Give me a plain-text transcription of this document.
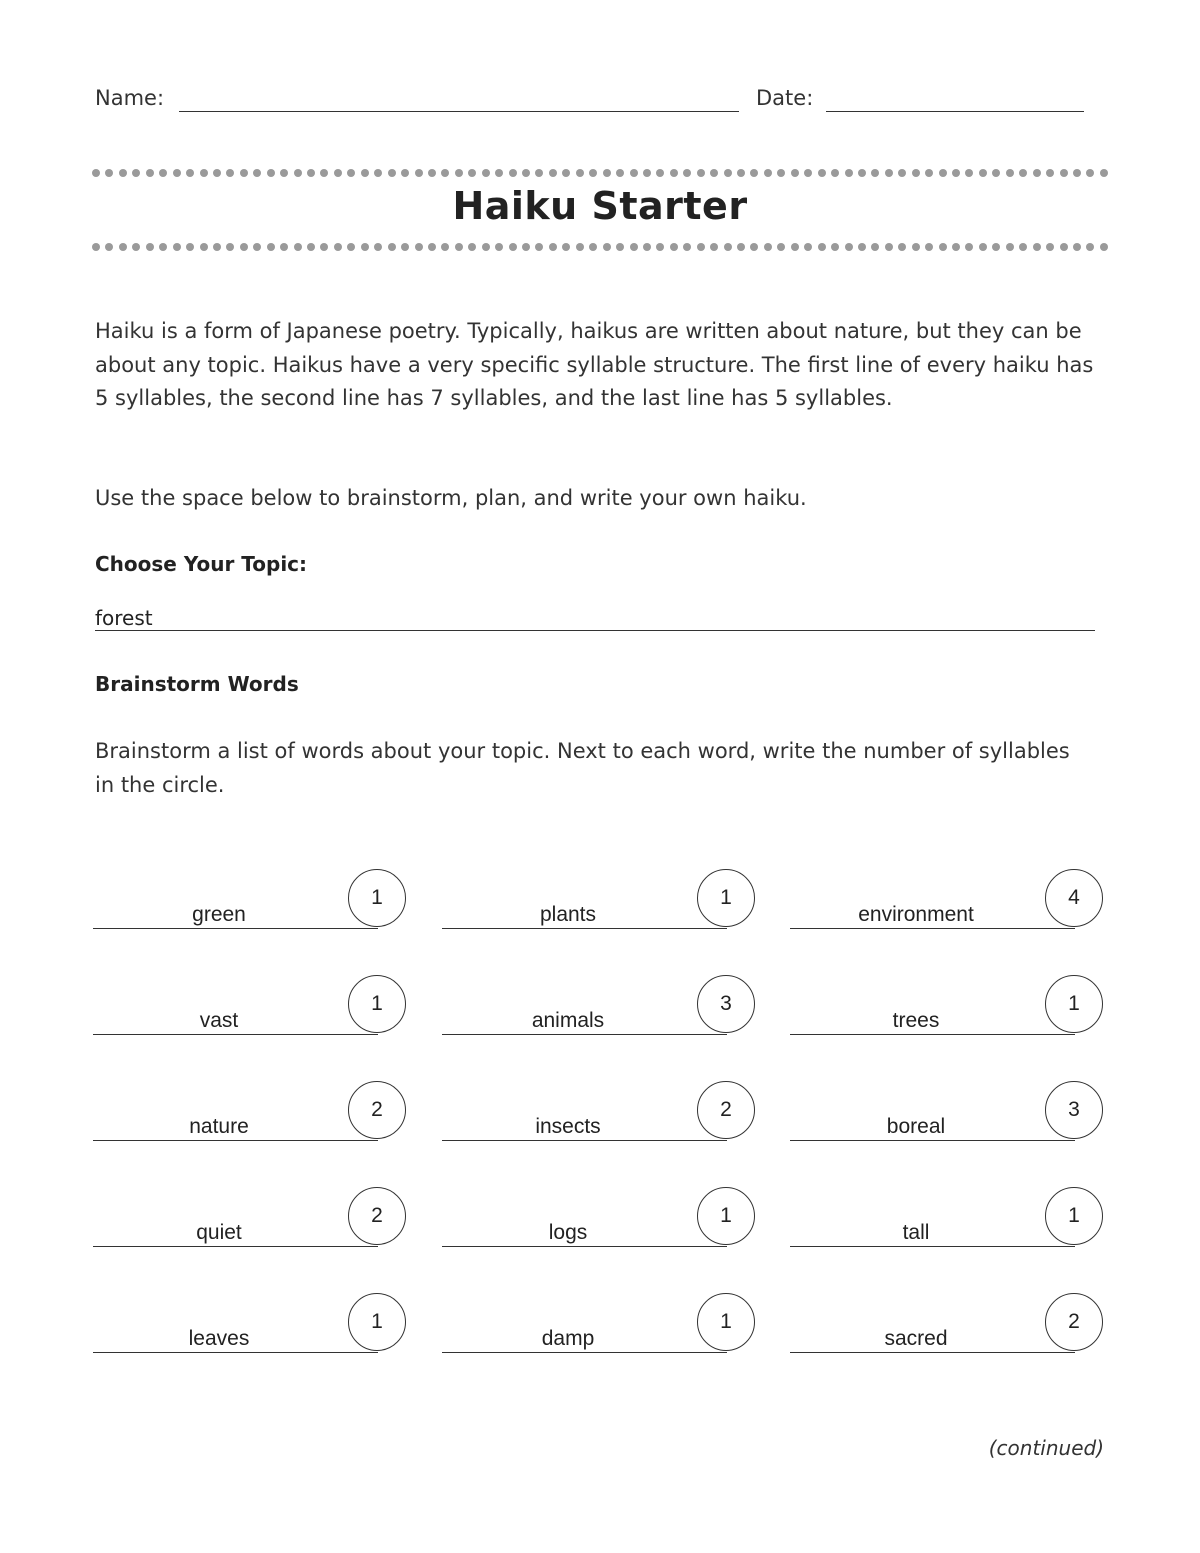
Name:	Date:
Haiku Starter

Haiku is a form of Japanese poetry. Typically, haikus are written about nature, but they can be about any topic. Haikus have a very specific syllable structure. The first line of every haiku has 5 syllables, the second line has 7 syllables, and the last line has 5 syllables.

Use the space below to brainstorm, plan, and write your own haiku.

Choose Your Topic:
forest
Brainstorm Words

Brainstorm a list of words about your topic. Next to each word, write the number of syllables in the circle.

green
1
plants
1
environment
4
vast
1
animals
3
trees
1
nature
2
insects
2
boreal
3
quiet
2
logs
1
tall
1
leaves
1
damp
1
sacred
2
(continued)
